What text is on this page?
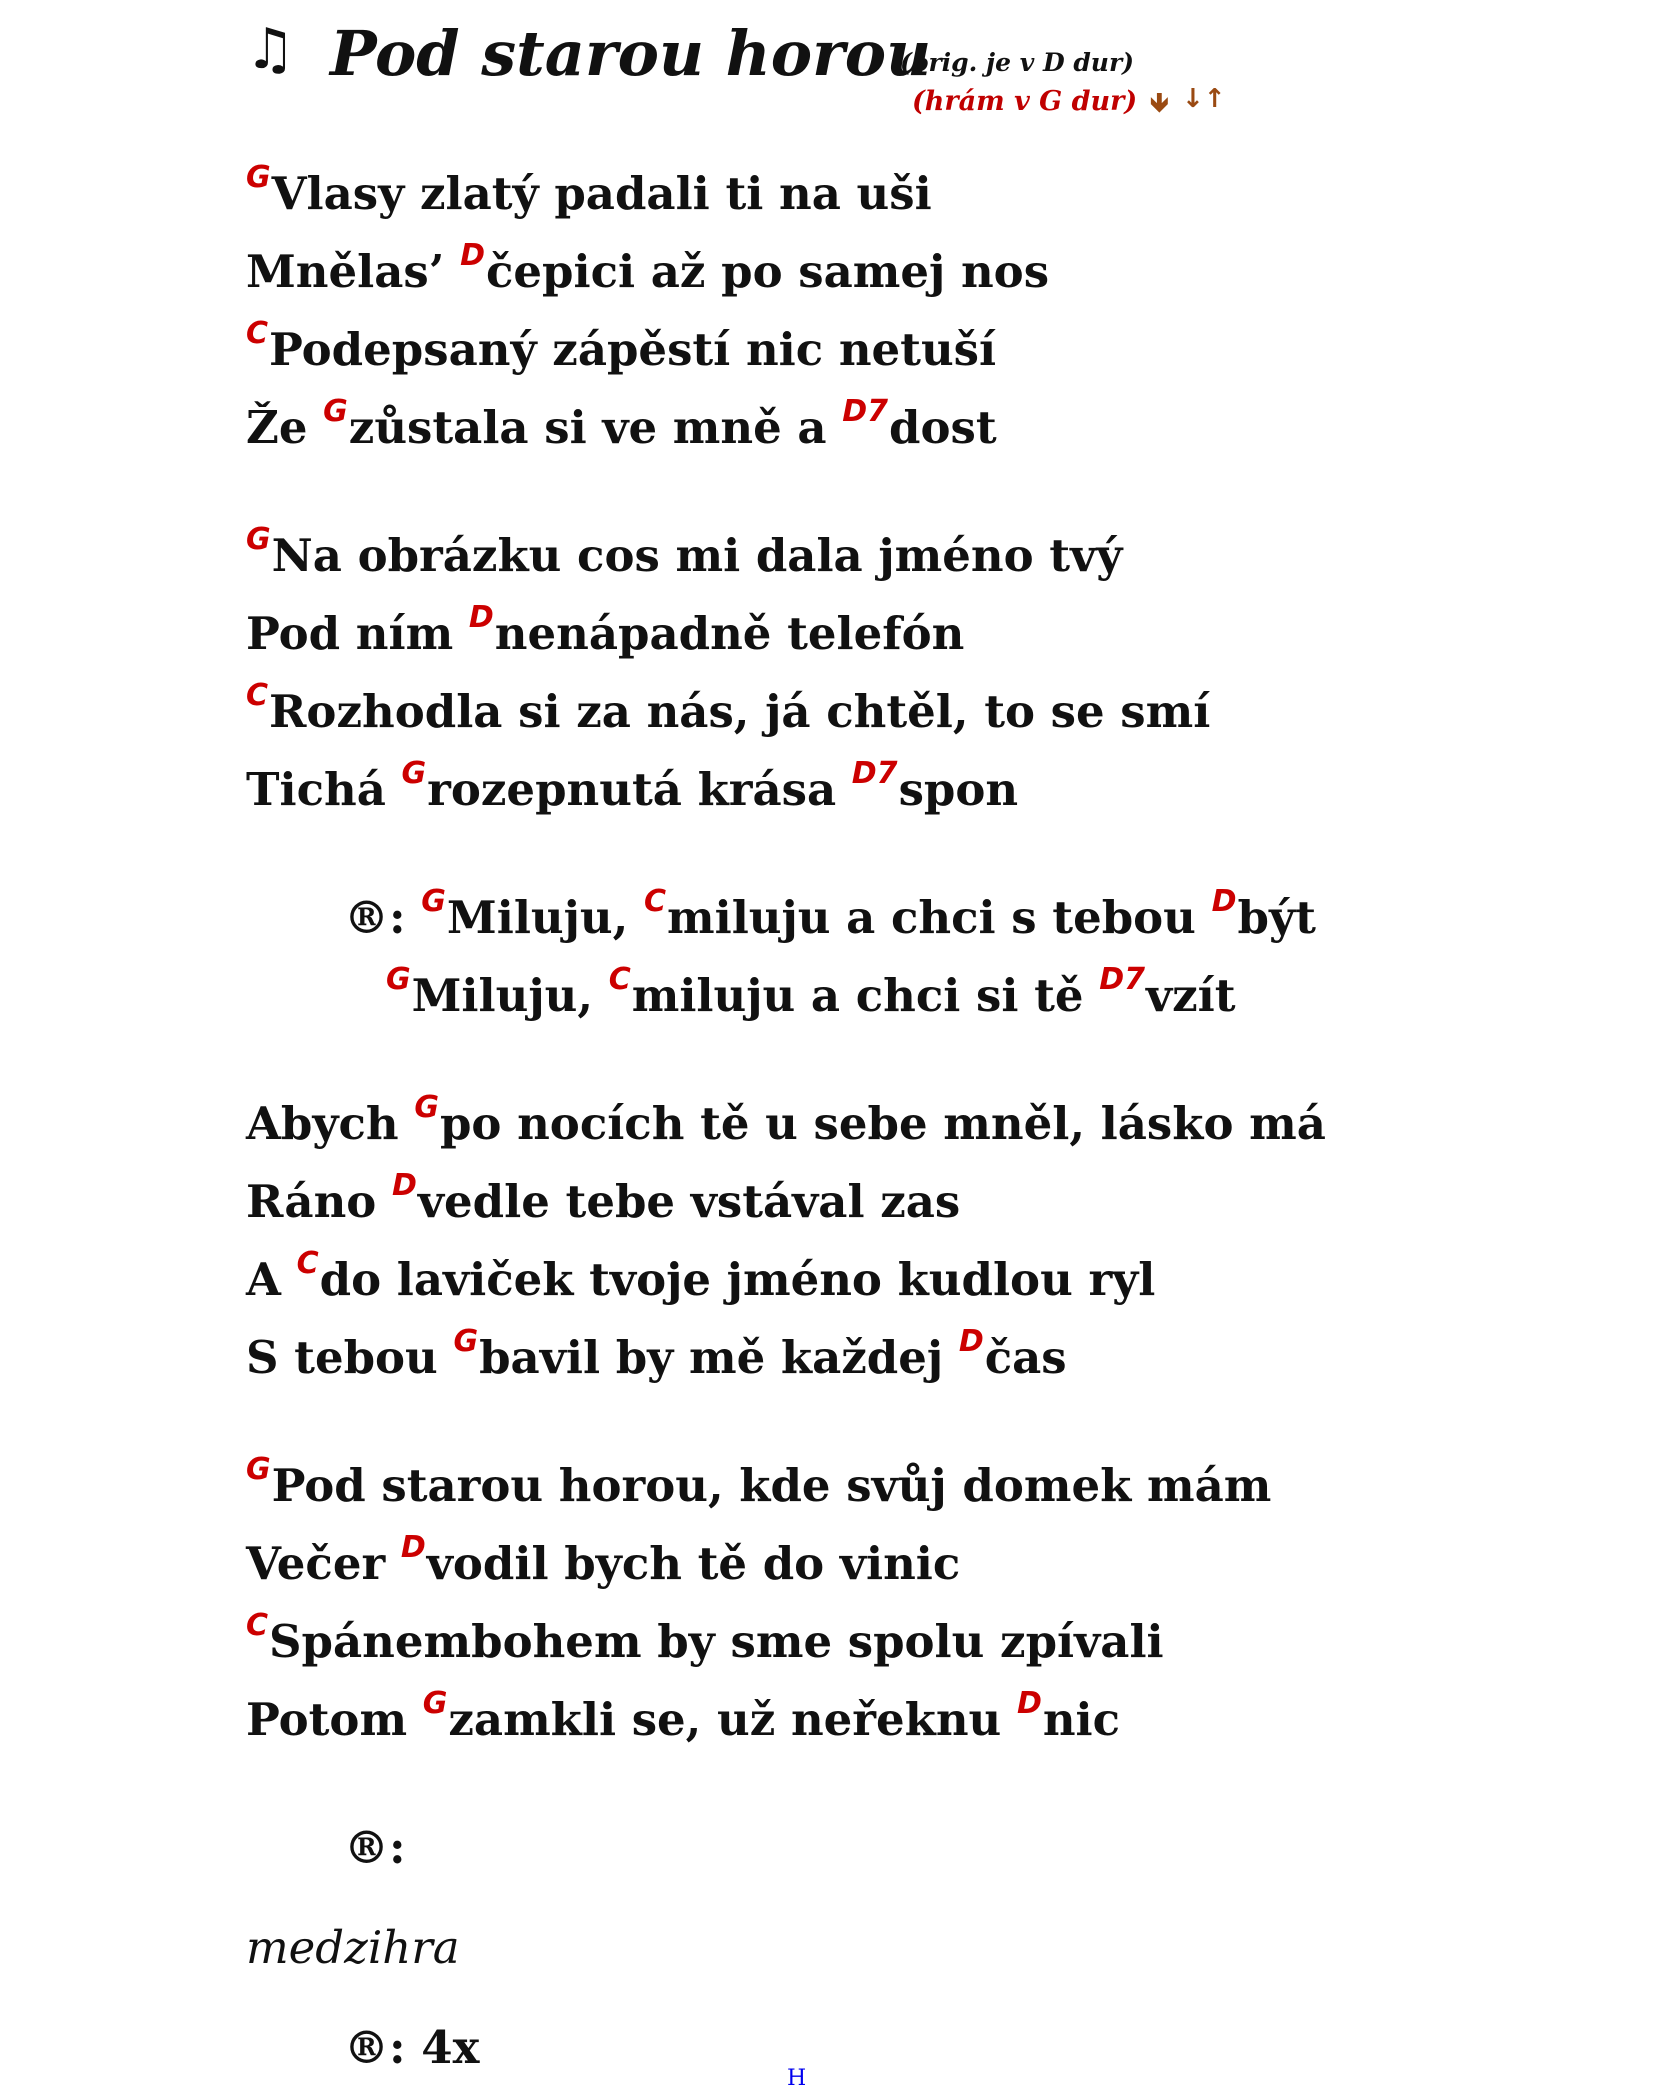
♫ Pod starou horou
(orig. je v D dur)
(hrám v G dur) 🡻 ↓↑
$^G$Vlasy zlatý padali ti na uši
Mnělas’ $^D$čepici až po samej nos
$^C$Podepsaný zápěstí nic netuší
Že $^G$zůstala si ve mně a $^{D7}$dost
$^G$Na obrázku cos mi dala jméno tvý
Pod ním $^D$nenápadně telefón
$^C$Rozhodla si za nás, já chtěl, to se smí
Tichá $^G$rozepnutá krása $^{D7}$spon
®: $^G$Miluju, $^C$miluju a chci s tebou $^D$být
$^G$Miluju, $^C$miluju a chci si tě $^{D7}$vzít
Abych $^G$po nocích tě u sebe mněl, lásko má
Ráno $^D$vedle tebe vstával zas
A $^C$do laviček tvoje jméno kudlou ryl
S tebou $^G$bavil by mě každej $^D$čas
$^G$Pod starou horou, kde svůj domek mám
Večer $^D$vodil bych tě do vinic
$^C$Spánembohem by sme spolu zpívali
Potom $^G$zamkli se, už neřeknu $^D$nic
®:
medzihra
®: 4x
H
